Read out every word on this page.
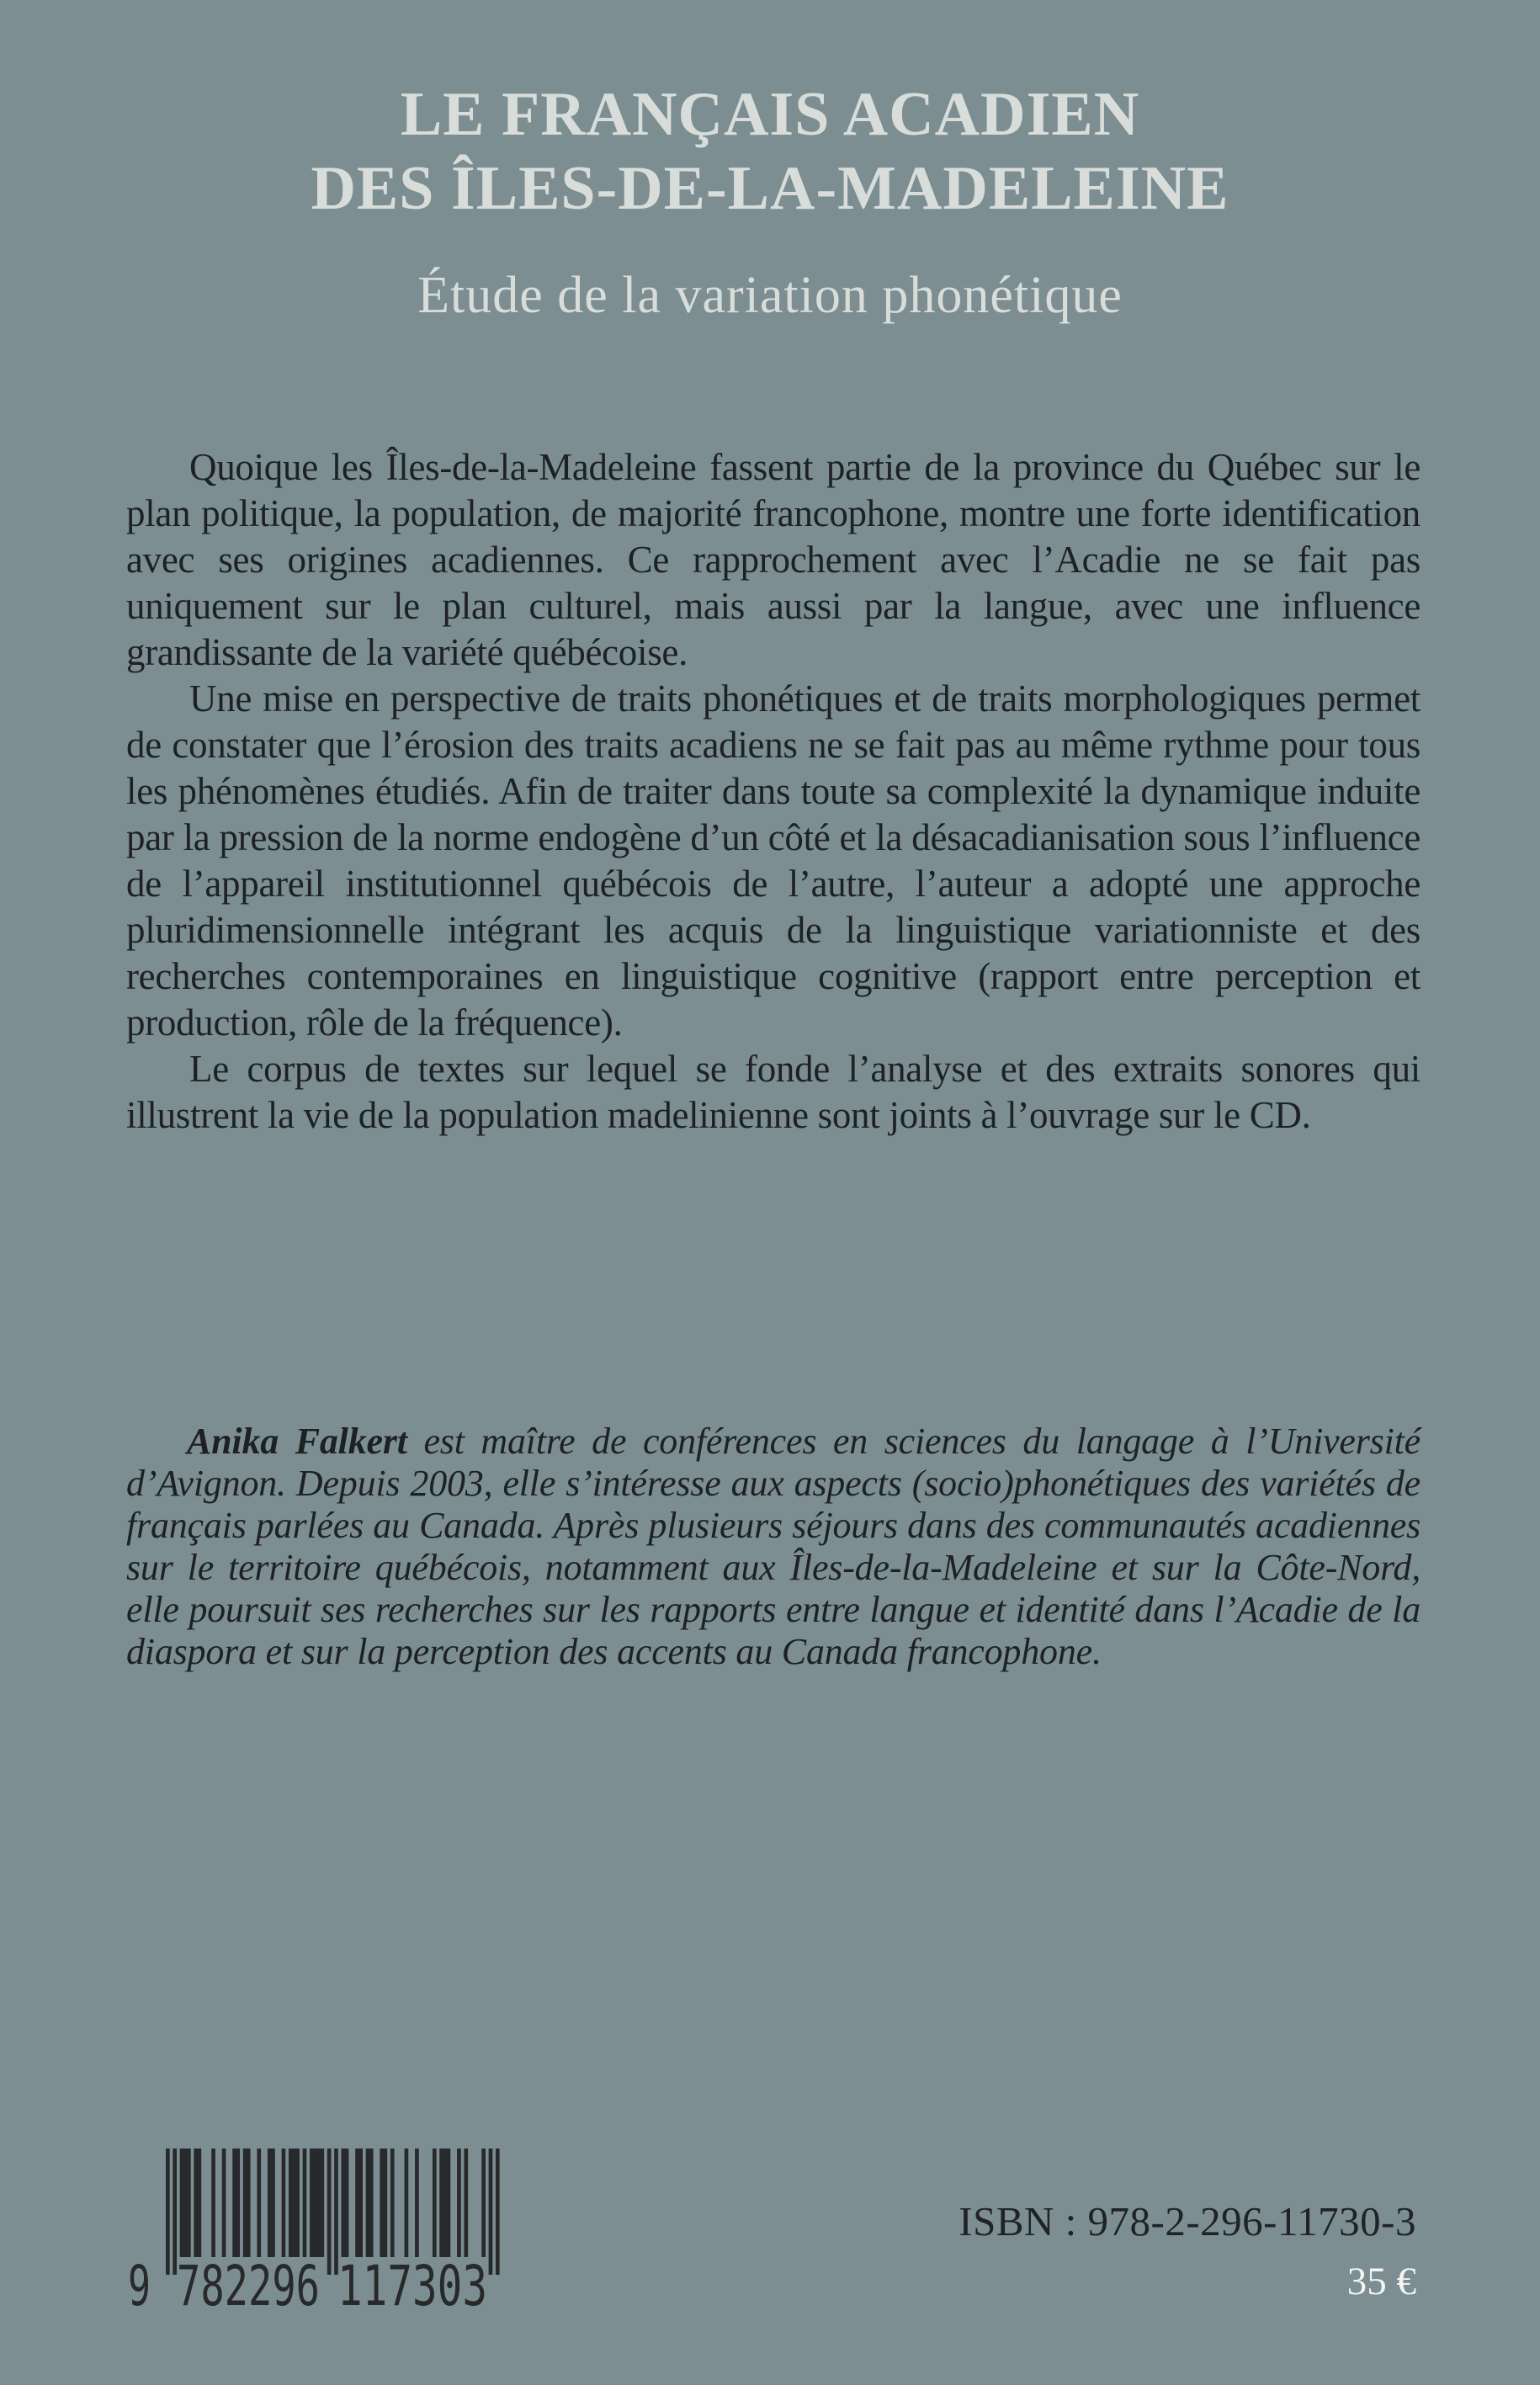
LE FRANÇAIS ACADIEN
DES ÎLES-DE-LA-MADELEINE
Étude de la variation phonétique

Quoique les Îles-de-la-Madeleine fassent partie de la province du Québec sur le plan politique, la population, de majorité francophone, montre une forte identification avec ses origines acadiennes. Ce rapprochement avec l’Acadie ne se fait pas uniquement sur le plan culturel, mais aussi par la langue, avec une influence grandissante de la variété québécoise.

Une mise en perspective de traits phonétiques et de traits morphologiques permet de constater que l’érosion des traits acadiens ne se fait pas au même rythme pour tous les phénomènes étudiés. Afin de traiter dans toute sa complexité la dynamique induite par la pression de la norme endogène d’un côté et la désacadianisation sous l’influence de l’appareil institutionnel québécois de l’autre, l’auteur a adopté une approche pluridimensionnelle intégrant les acquis de la linguistique variationniste et des recherches contemporaines en linguistique cognitive (rapport entre perception et production, rôle de la fréquence).

Le corpus de textes sur lequel se fonde l’analyse et des extraits sonores qui illustrent la vie de la population madelinienne sont joints à l’ouvrage sur le CD.

Anika Falkert est maître de conférences en sciences du langage à l’Université d’Avignon. Depuis 2003, elle s’intéresse aux aspects (socio)phonétiques des variétés de français parlées au Canada. Après plusieurs séjours dans des communautés acadiennes sur le territoire québécois, notamment aux Îles-de-la-Madeleine et sur la Côte-Nord, elle poursuit ses recherches sur les rapports entre langue et identité dans l’Acadie de la diaspora et sur la perception des accents au Canada francophone.

9 782296 117303
ISBN : 978-2-296-11730-3
35 €
